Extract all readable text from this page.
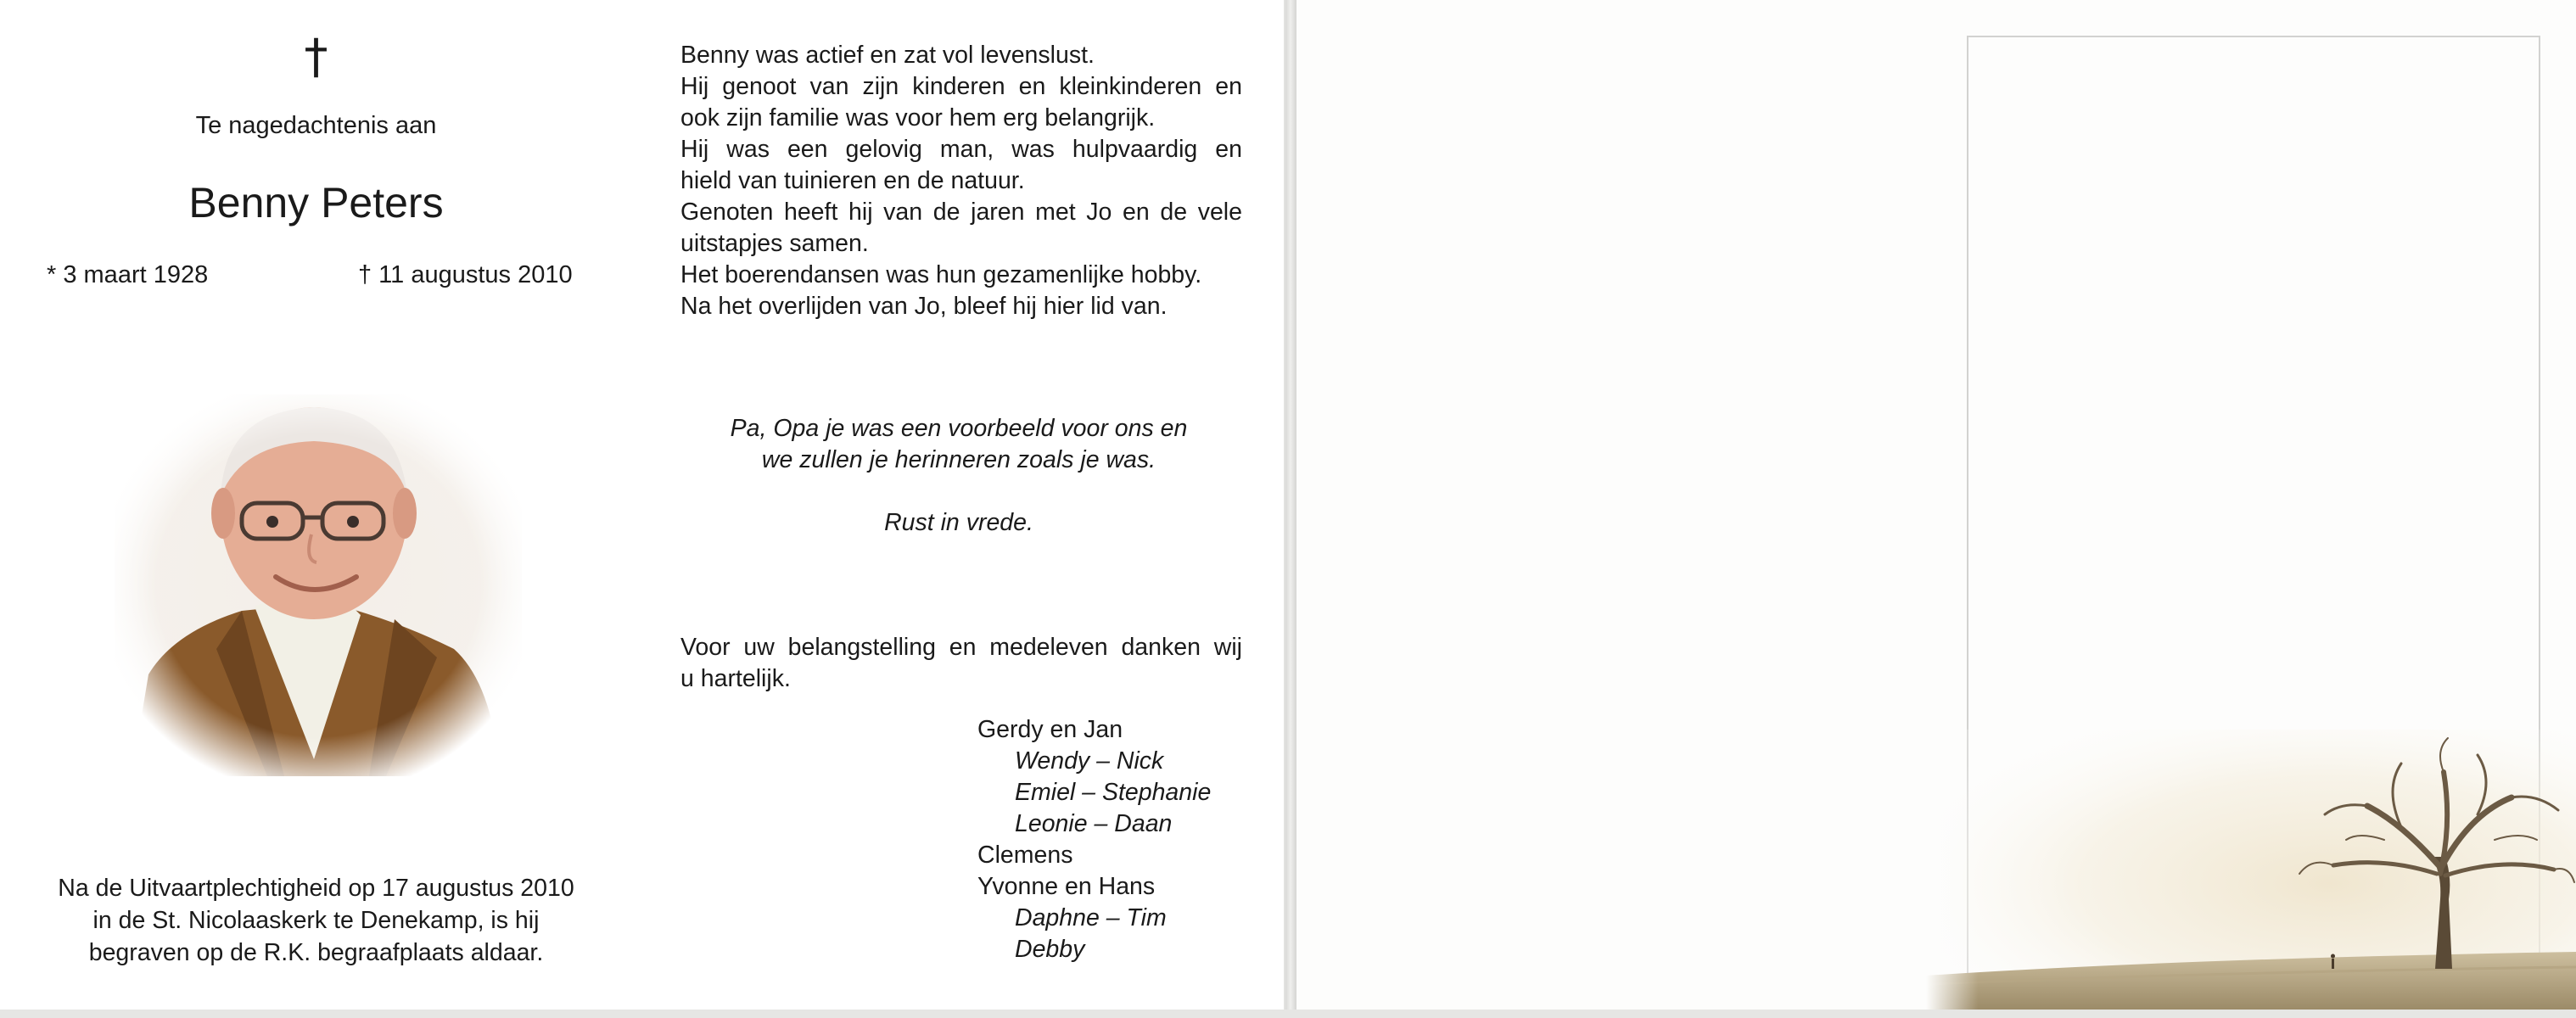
†
Te nagedachtenis aan
Benny Peters
* 3 maart 1928	† 11 augustus 2010
Na de Uitvaartplechtigheid op 17 augustus 2010
in de St. Nicolaaskerk te Denekamp, is hij
begraven op de R.K. begraafplaats aldaar.
Benny was actief en zat vol levenslust.
Hij genoot van zijn kinderen en kleinkinderen en
ook zijn familie was voor hem erg belangrijk.
Hij was een gelovig man, was hulpvaardig en
hield van tuinieren en de natuur.
Genoten heeft hij van de jaren met Jo en de vele
uitstapjes samen.
Het boerendansen was hun gezamenlijke hobby.
Na het overlijden van Jo, bleef hij hier lid van.
Pa, Opa je was een voorbeeld voor ons en
we zullen je herinneren zoals je was.
Rust in vrede.
Voor uw belangstelling en medeleven danken wij
u hartelijk.
Gerdy en Jan
Wendy – Nick
Emiel – Stephanie
Leonie – Daan
Clemens
Yvonne en Hans
Daphne – Tim
Debby
